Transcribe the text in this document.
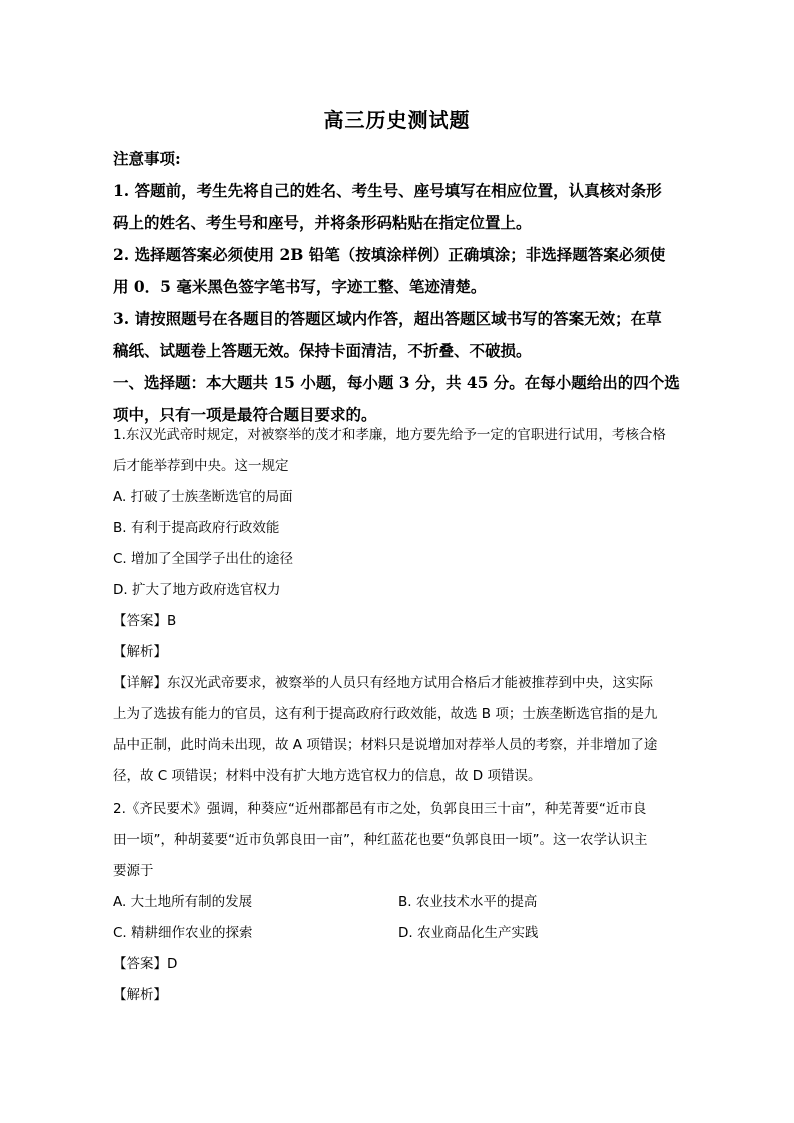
高三历史测试题
注意事项:
1. 答题前，考生先将自己的姓名、考生号、座号填写在相应位置，认真核对条形
码上的姓名、考生号和座号，并将条形码粘贴在指定位置上。
2. 选择题答案必须使用 2B 铅笔（按填涂样例）正确填涂；非选择题答案必须使
用 0．5 毫米黑色签字笔书写，字迹工整、笔迹清楚。
3. 请按照题号在各题目的答题区域内作答，超出答题区域书写的答案无效；在草
稿纸、试题卷上答题无效。保持卡面清洁，不折叠、不破损。
一、选择题：本大题共 15 小题，每小题 3 分，共 45 分。在每小题给出的四个选
项中，只有一项是最符合题目要求的。
1.东汉光武帝时规定，对被察举的茂才和孝廉，地方要先给予一定的官职进行试用，考核合格
后才能举荐到中央。这一规定
A. 打破了士族垄断选官的局面
B. 有利于提高政府行政效能
C. 增加了全国学子出仕的途径
D. 扩大了地方政府选官权力
【答案】B
【解析】
【详解】东汉光武帝要求，被察举的人员只有经地方试用合格后才能被推荐到中央，这实际
上为了选拔有能力的官员，这有利于提高政府行政效能，故选 B 项；士族垄断选官指的是九
品中正制，此时尚未出现，故 A 项错误；材料只是说增加对荐举人员的考察，并非增加了途
径，故 C 项错误；材料中没有扩大地方选官权力的信息，故 D 项错误。
2.《齐民要术》强调，种葵应“近州郡都邑有市之处，负郭良田三十亩”，种芜菁要“近市良
田一顷”，种胡荽要“近市负郭良田一亩”，种红蓝花也要“负郭良田一顷”。这一农学认识主
要源于
A. 大土地所有制的发展	B. 农业技术水平的提高
C. 精耕细作农业的探索	D. 农业商品化生产实践
【答案】D
【解析】
